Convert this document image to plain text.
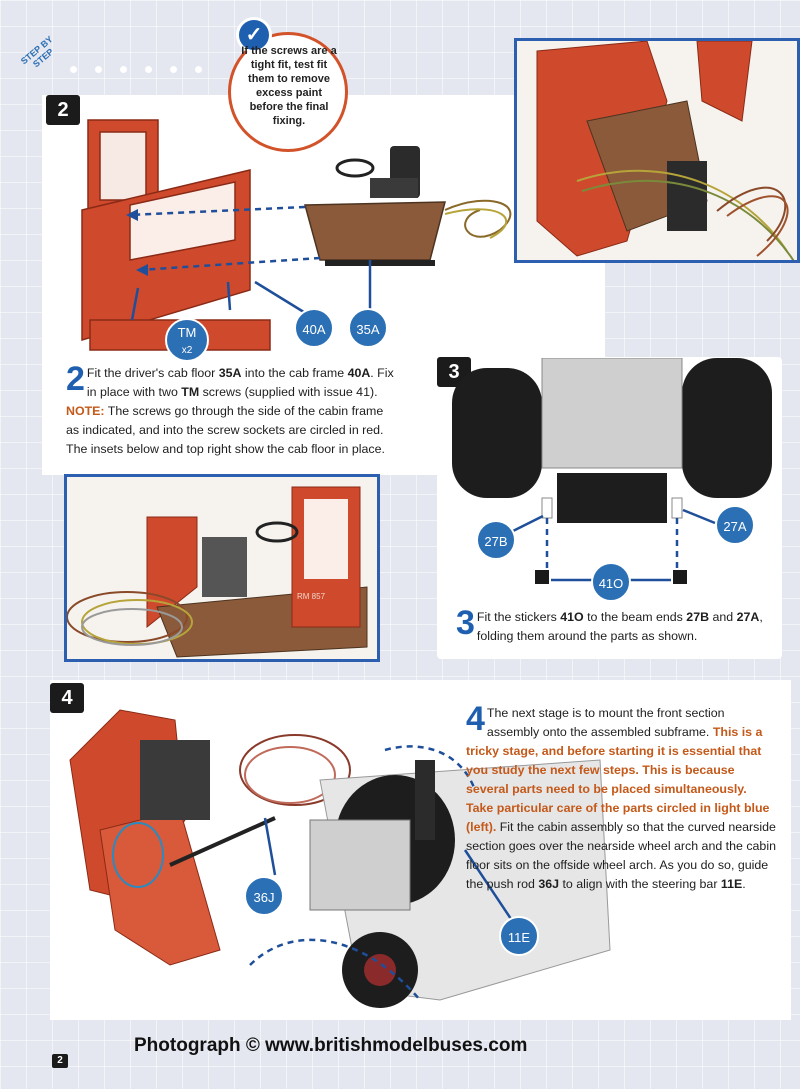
STEP BY STEP
2
TM
x2
40A	35A
2 Fit the driver's cab floor 35A into the cab frame 40A. Fix in place with two TM screws (supplied with issue 41). NOTE: The screws go through the side of the cabin frame as indicated, and into the screw sockets are circled in red. The insets below and top right show the cab floor in place.
✓
If the screws are a tight fit, test fit them to remove excess paint before the final fixing.
RM 857
3
27B
27A
41O
3 Fit the stickers 41O to the beam ends 27B and 27A, folding them around the parts as shown.
4
36J
11E
4 The next stage is to mount the front section assembly onto the assembled subframe. This is a tricky stage, and before starting it is essential that you study the next few steps. This is because several parts need to be placed simultaneously. Take particular care of the parts circled in light blue (left). Fit the cabin assembly so that the curved nearside section goes over the nearside wheel arch and the cabin floor sits on the offside wheel arch. As you do so, guide the push rod 36J to align with the steering bar 11E.
2
Photograph © www.britishmodelbuses.com
